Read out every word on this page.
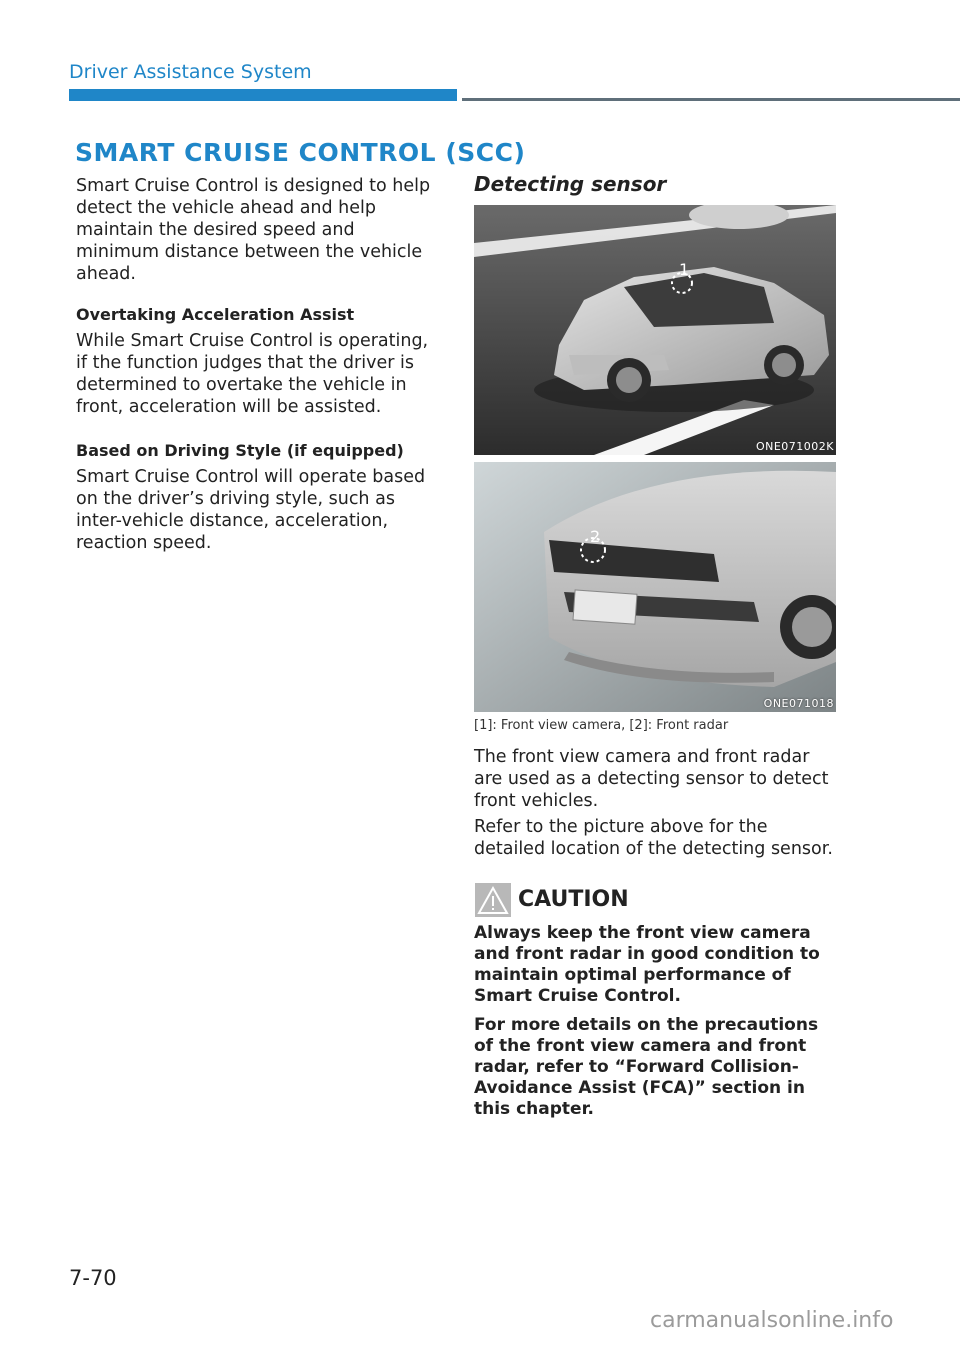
Driver Assistance System
SMART CRUISE CONTROL (SCC)
Smart Cruise Control is designed to help detect the vehicle ahead and help maintain the desired speed and minimum distance between the vehicle ahead.
Overtaking Acceleration Assist
While Smart Cruise Control is operating, if the function judges that the driver is determined to overtake the vehicle in front, acceleration will be assisted.
Based on Driving Style (if equipped)
Smart Cruise Control will operate based on the driver’s driving style, such as inter-vehicle distance, acceleration, reaction speed.
Detecting sensor
1
ONE071002K
2
ONE071018
[1]: Front view camera, [2]: Front radar
The front view camera and front radar are used as a detecting sensor to detect front vehicles.
Refer to the picture above for the detailed location of the detecting sensor.
CAUTION
Always keep the front view camera and front radar in good condition to maintain optimal performance of Smart Cruise Control.
For more details on the precautions of the front view camera and front radar, refer to “Forward Collision-Avoidance Assist (FCA)” section in this chapter.
7-70
carmanualsonline.info
